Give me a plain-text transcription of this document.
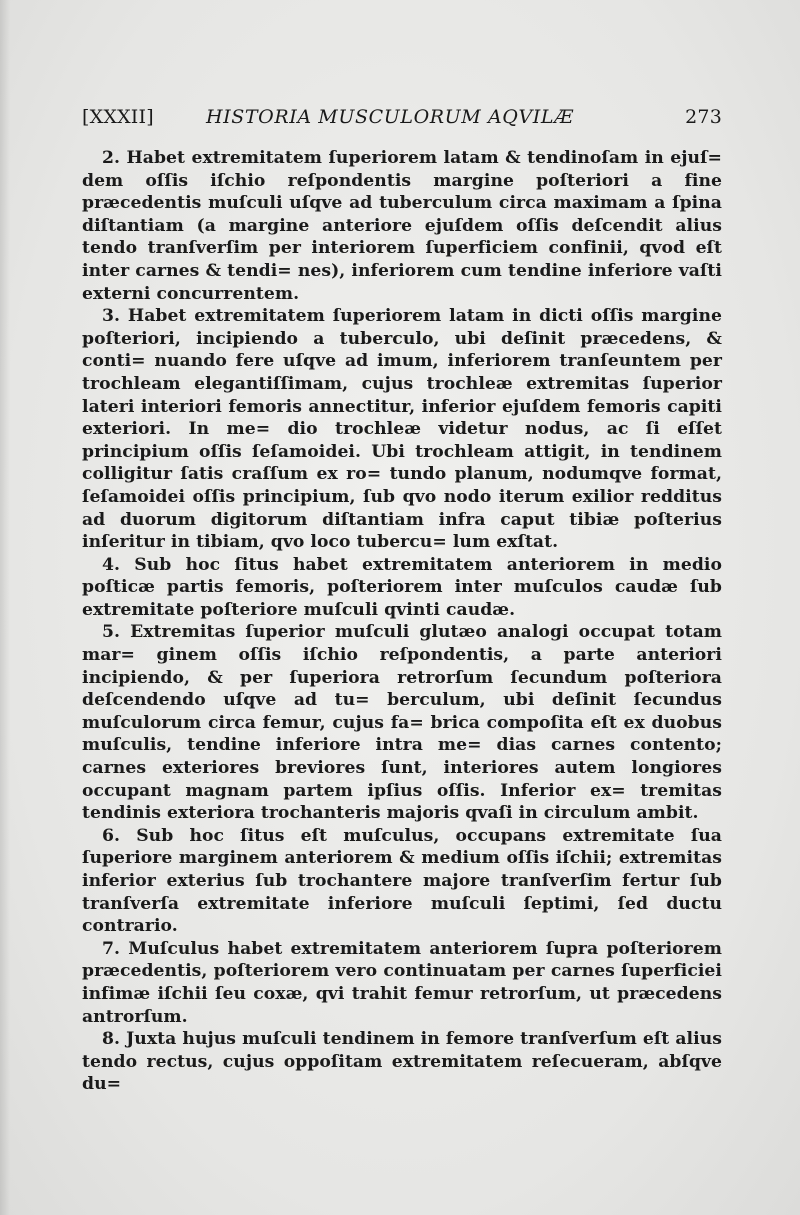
[XXXII]	HISTORIA MUSCULORUM AQVILÆ	273

2. Habet extremitatem ſuperiorem latam & tendinoſam in ejuſ= dem oſſis iſchio reſpondentis margine poſteriori a fine præcedentis muſculi uſqve ad tuberculum circa maximam a ſpina diſtantiam (a margine anteriore ejuſdem oſſis deſcendit alius tendo tranſverſim per interiorem ſuperficiem confinii, qvod eſt inter carnes & tendi= nes), inferiorem cum tendine inferiore vaſti externi concurrentem.

3. Habet extremitatem ſuperiorem latam in dicti oſſis margine poſteriori, incipiendo a tuberculo, ubi deſinit præcedens, & conti= nuando fere uſqve ad imum, inferiorem tranſeuntem per trochleam elegantiſſimam, cujus trochleæ extremitas ſuperior lateri interiori femoris annectitur, inferior ejuſdem femoris capiti exteriori. In me= dio trochleæ videtur nodus, ac ſi eſſet principium oſſis ſeſamoidei. Ubi trochleam attigit, in tendinem colligitur ſatis craſſum ex ro= tundo planum, nodumqve format, ſeſamoidei oſſis principium, ſub qvo nodo iterum exilior redditus ad duorum digitorum diſtantiam infra caput tibiæ poſterius inſeritur in tibiam, qvo loco tubercu= lum exſtat.

4. Sub hoc ſitus habet extremitatem anteriorem in medio poſticæ partis femoris, poſteriorem inter muſculos caudæ ſub extremitate poſteriore muſculi qvinti caudæ.

5. Extremitas ſuperior muſculi glutæo analogi occupat totam mar= ginem oſſis iſchio reſpondentis, a parte anteriori incipiendo, & per ſuperiora retrorſum ſecundum poſteriora deſcendendo uſqve ad tu= berculum, ubi deſinit ſecundus muſculorum circa femur, cujus fa= brica compoſita eſt ex duobus muſculis, tendine inferiore intra me= dias carnes contento; carnes exteriores breviores ſunt, interiores autem longiores occupant magnam partem ipſius oſſis. Inferior ex= tremitas tendinis exteriora trochanteris majoris qvaſi in circulum ambit.

6. Sub hoc ſitus eſt muſculus, occupans extremitate ſua ſuperiore marginem anteriorem & medium oſſis iſchii; extremitas inferior exterius ſub trochantere majore tranſverſim fertur ſub tranſverſa extremitate inferiore muſculi ſeptimi, ſed ductu contrario.

7. Muſculus habet extremitatem anteriorem ſupra poſteriorem præcedentis, poſteriorem vero continuatam per carnes ſuperficiei infimæ iſchii ſeu coxæ, qvi trahit femur retrorſum, ut præcedens antrorſum.

8. Juxta hujus muſculi tendinem in femore tranſverſum eſt alius tendo rectus, cujus oppoſitam extremitatem reſecueram, abſqve du=
